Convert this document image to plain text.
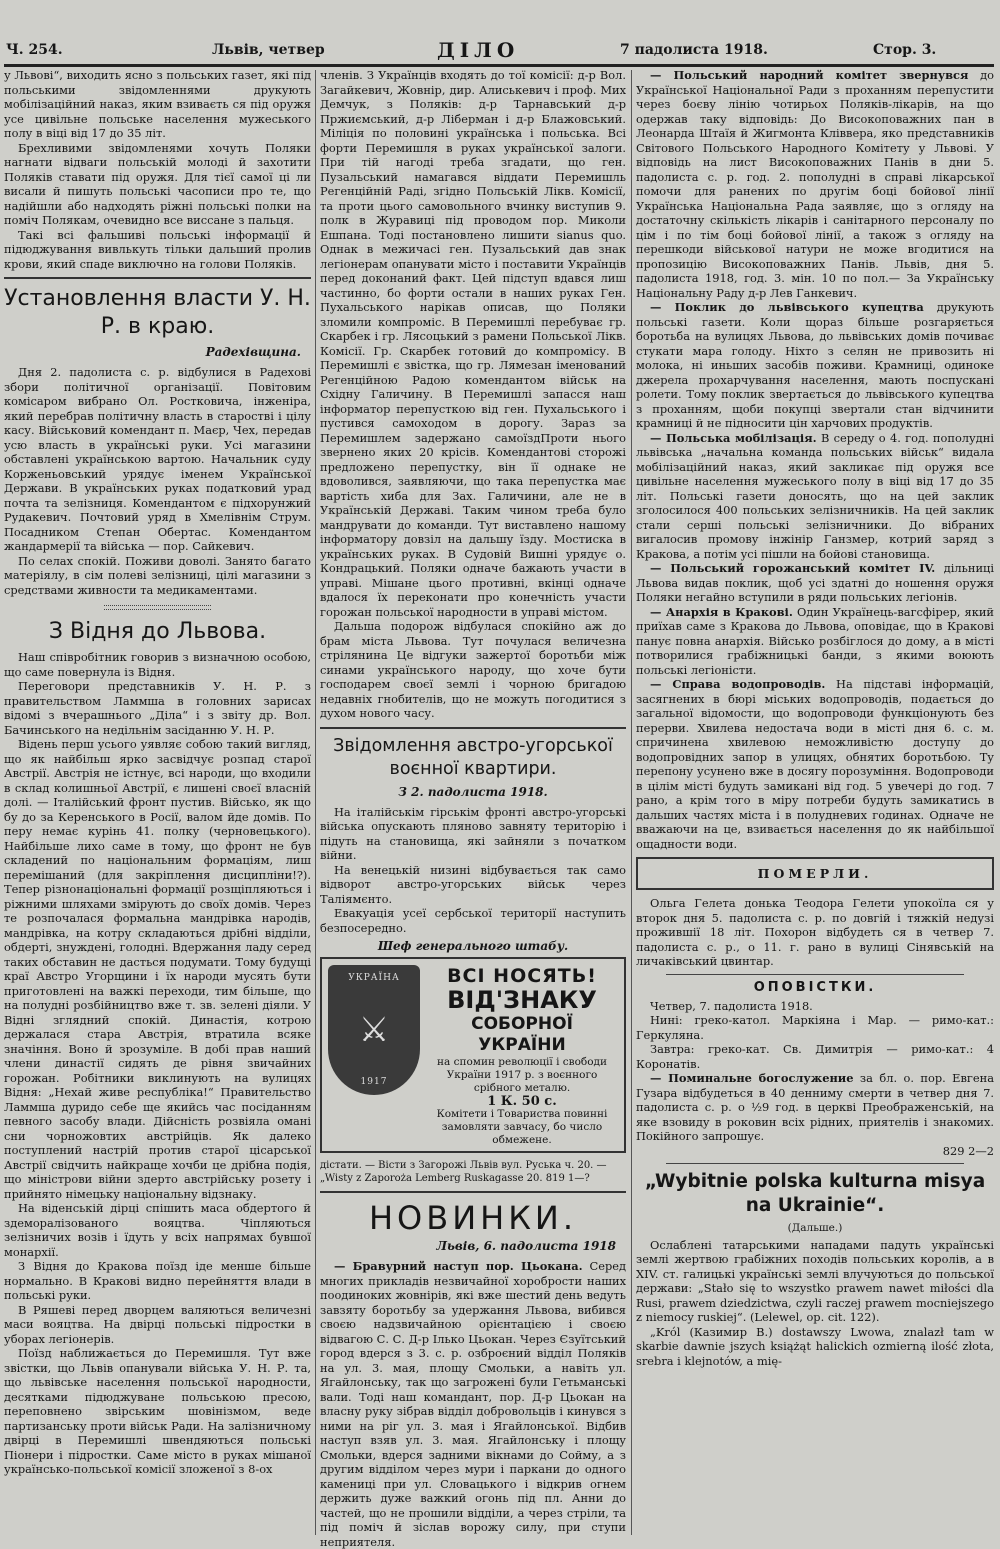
Ч. 254.	Львів, четвер	ДІЛО	7 падолиста 1918.	Стор. 3.

у Львові“, виходить ясно з польських газет, які під польськими звідомленнями друкують мобілізаційний наказ, яким взиваєть ся під оружя усе цивільне польське населення мужеського полу в віці від 17 до 35 літ.

Брехливими звідомленями хочуть Поляки нагнати відваги польській молоді й захотити Поляків ставати під оружя. Для тієї самої ці ли висали й пишуть польські часописи про те, що надійшли або надходять ріжні польські полки на поміч Полякам, очевидно все виссане з пальця.

Такі всі фальшиві польські інформації й підюджування вивлькуть тільки дальший пролив крови, який спаде виключно на голови Поляків.

Установлення власти У. Н. Р. в краю.
Радехівщина.

Дня 2. падолиста с. р. відбулися в Радехові збори політичної організації. Повітовим комісаром вибрано Ол. Ростковича, інженіра, який перебрав політичну власть в старостві і цілу касу. Військовий комендант п. Маєр, Чех, передав усю власть в українські руки. Усі магазини обставлені українською вартою. Начальник суду Корженьовський урядує іменем Української Держави. В українських руках податковий урад почта та зелізниця. Комендантом є підхорунжий Рудакевич. Почтовий уряд в Хмелівнім Струм. Посадником Степан Обертас. Комендантом жандармерії та війська — пор. Сайкевич.

По селах спокій. Поживи доволі. Занято багато матеріялу, в сім полеві зелізниці, цілі магазини з средствами живности та медикаментами.

З Відня до Львова.

Наш співробітник говорив з визначною особою, що саме повернула із Відня.

Переговори представників У. Н. Р. з правительством Ламмша в головних зарисах відомі з вчерашнього „Діла“ і з звіту др. Вол. Бачинського на недільнім засіданню У. Н. Р.

Відень перш усього уявляє собою такий вигляд, що як найбільш ярко засвідчує розпад старої Австрії. Австрія не істнує, всі народи, що входили в склад колишньої Австрії, є лишені своєї власній долі. — Італійський фронт пустив. Військо, як що бу до за Керенського в Росії, валом йде домів. По перу немає курінь 41. полку (черновецького). Найбільше лихо саме в тому, що фронт не був складений по національним формаціям, лиш перемішаний (для закріплення дисципліни!?). Тепер різнонаціональні формації розщіпляються і ріжними шляхами змірують до своїх домів. Через те розпочалася формальна мандрівка народів, мандрівка, на котру складаються дрібні відділи, обдерті, знуждені, голодні. Вдержання ладу серед таких обставин не дасться подумати. Тому будущі краї Австро Угорщини і їх народи мусять бути приготовлені на важкі переходи, тим більше, що на полудні розбійництво вже т. зв. зелені діяли. У Відні зглядний спокій. Династія, котрою держалася стара Австрія, втратила всяке значіння. Воно й зрозуміле. В добі прав наший члени династії сидять де рівня звичайних горожан. Робітники виклинують на вулицях Відня: „Нехай живе республіка!“ Правительство Ламмша дуридо себе ще якийсь час посіданням певного засобу влади. Дійсність розвіяла омані сни чорножовтих австрійців. Як далеко поступлений настрій против старої цісарської Австрії свідчить найкраще хочби це дрібна подія, що міністрови війни здерто австрійську розету і прийнято німецьку національну відзнаку.

На віденській дірці спішить маса обдертого й здеморалізованого вояцтва. Чіпляються зелізничих возів і їдуть у всіх напрямах бувшої монархії.

З Відня до Кракова поїзд іде менше більше нормально. В Кракові видно перейняття влади в польські руки.

В Ряшеві перед дворцем валяються величезні маси вояцтва. На двірці польські підростки в уборах легіонерів.

Поїзд наближається до Перемишля. Тут вже звістки, що Львів опанували війська У. Н. Р. та, що львівське населення польської народности, десятками підюджуване польською пресою, переповнено звірським шовінізмом, веде партизанську проти військ Ради. На залізничному двірці в Перемишлі швендяються польські Піонери і підростки. Саме місто в руках мішаної українсько-польської комісії зложеної з 8-ох

членів. З Українців входять до тої комісії: д-р Вол. Загайкевич, Жовнір, дир. Алиськевич і проф. Мих Демчук, з Поляків: д-р Тарнавський д-р Пржиємський, д-р Ліберман і д-р Блажовський. Міліція по половині українська і польська. Всі форти Перемишля в руках української залоги. При тій нагоді треба згадати, що ген. Пузальський намагався віддати Перемишль Регенційній Раді, згідно Польській Лікв. Комісії, та проти цього самовольного вчинку виступив 9. полк в Журавиці під проводом пор. Миколи Ешпана. Тоді постановлено лишити sianus quo. Однак в межичасі ген. Пузальський дав знак легіонерам опанувати місто і поставити Українців перед доконаний факт. Цей підступ вдався лиш частинно, бо форти остали в наших руках Ген. Пухальського нарікав описав, що Поляки зломили компроміс. В Перемишлі перебуває гр. Скарбек і гр. Лясоцький з рамени Польської Лікв. Комісії. Гр. Скарбек готовий до компромісу. В Перемишлі є звістка, що гр. Лямезан іменований Регенційною Радою комендантом військ на Східну Галичину. В Перемишлі запасся наш інформатор перепусткою від ген. Пухальського і пустився самоходом в дорогу. Зараз за Перемишлем задержано самоїздПроти нього звернено яких 20 крісів. Комендантові сторожі предложено перепустку, він її однаке не вдоволився, заявляючи, що така перепустка має вартість хиба для Зах. Галичини, але не в Українській Державі. Таким чином треба було мандрувати до команди. Тут виставлено нашому інформатору довзіл на дальшу їзду. Мостиска в українських руках. В Судовій Вишні урядує о. Кондрацький. Поляки одначе бажають участи в управі. Мішане цього противні, вкінці одначе вдалося їх переконати про конечність участи горожан польської народности в управі містом.

Дальша подорож відбулася спокійно аж до брам міста Львова. Тут почулася величезна стрілянина Це відгуки зажертої боротьби між синами українського народу, що хоче бути господарем своєї землі і чорною бригадою недавніх гнобителів, що не можуть погодитися з духом нового часу.

Звідомлення австро-угорської воєнної квартири.
З 2. падолиста 1918.

На італійськім гірськім фронті австро-угорські війська опускають пляново завняту територію і підуть на становища, які зайняли з початком війни.

На венецькій низині відбувається так само відворот австро-угорських військ через Таліямєнто.

Евакуація усеї сербської території наступить безпосередно.

Шеф генерального штабу.
УКРАЇНА
⚔
1917
ВСІ НОСЯТЬ!
ВІД'ЗНАКУ
СОБОРНОЇ УКРАЇНИ
на спомин революції і свободи України 1917 р. з воєнного срібного металю.
1 К. 50 с.
Комітети і Товариства повинні замовляти завчасу, бо число обмежене.
дістати. — Вісти з Загорожі Львів вул. Руська ч. 20. —
„Wisty z Zaporoża Lemberg Ruskagasse 20. 819 1—?
НОВИНКИ.
Львів, 6. падолиста 1918

— Бравурний наступ пор. Цьокана. Серед многих прикладів незвичайної хоробрости наших поодиноких жовнірів, які вже шестий день ведуть завзяту боротьбу за удержання Львова, вибився своєю надзвичайною орієнтацією і своєю відвагою С. С. Д-р Ілько Цьокан. Через Єзуїтський город вдерся з 3. с. р. озброєний відділ Поляків на ул. 3. мая, площу Смольки, а навіть ул. Ягайлонську, так що загрожені були Гетьманські вали. Тоді наш командант, пор. Д-р Цьокан на власну руку зібрав відділ добровольців і кинувся з ними на ріг ул. 3. мая і Ягайлонської. Відбив наступ взяв ул. 3. мая. Ягайлонську і площу Смольки, вдерся задними вікнами до Сойму, а з другим відділом через мури і паркани до одного камениці при ул. Словацького і відкрив огнем держить дуже важкий огонь під пл. Анни до частей, що не прошили відділи, а через стріли, та під поміч й зіслав ворожу силу, при ступи неприятеля.

— Польський народний комітет звернувся до Української Національної Ради з проханням перепустити через боєву лінію чотирьох Поляків-лікарів, на що одержав таку відповідь: До Високоповажних пан в Леонарда Штаїя й Жигмонта Кліввера, яко представників Світового Польського Народного Комітету у Львові. У відповідь на лист Високоповажних Панів в дни 5. падолиста с. р. год. 2. пополудні в справі лікарської помочи для ранених по другім боці бойової лінії Українська Національна Рада заявляє, що з огляду на достаточну скількість лікарів і санітарного персоналу по цім і по тім боці бойової лінії, а також з огляду на перешкоди військової натури не може вгодитися на пропозицію Високоповажних Панів. Львів, дня 5. падолиста 1918, год. 3. мін. 10 по пол.— За Українську Національну Раду д-р Лев Ганкевич.

— Поклик до львівського купецтва друкують польські газети. Коли щораз більше розгаряється боротьба на вулицях Львова, до львівських домів почиває стукати мара голоду. Ніхто з селян не привозить ні молока, ні иньших засобів поживи. Крамниці, одиноке джерела прохарчування населення, мають поспускані ролети. Тому поклик звертається до львівського купецтва з проханням, щоби покупці звертали стан відчинити крамниці й не підносити цін харчових продуктів.

— Польська мобілізація. В середу о 4. год. пополудні львівська „начальна команда польських військ“ видала мобілізаційний наказ, який закликає під оружя все цивільне населення мужеського полу в віці від 17 до 35 літ. Польські газети доносять, що на цей заклик зголосилося 400 польських зелізничників. На цей заклик стали серші польські зелізничники. До вібраних вигалосив промову інжінір Ганзмер, котрий заряд з Кракова, а потім усі пішли на бойові становища.

— Польський горожанський комітет IV. дільниці Львова видав поклик, щоб усі здатні до ношення оружя Поляки негайно вступили в ряди польських легіонів.

— Анархія в Кракові. Один Українець-вагсфірер, який приїхав саме з Кракова до Львова, оповідає, що в Кракові панує повна анархія. Військо розбіглося до дому, а в місті потворилися грабіжницькі банди, з якими воюють польські легіоністи.

— Справа водопроводів. На підставі інформацій, засягнених в бюрі міських водопроводів, подається до загальної відомости, що водопроводи функціонують без перерви. Хвилева недостача води в місті дня 6. с. м. спричинена хвилевою неможливістю доступу до водопровідних запор в улицях, обнятих боротьбою. Ту перепону усунено вже в досягу порозуміння. Водопроводи в цілім місті будуть замикані від год. 5 увечері до год. 7 рано, а крім того в міру потреби будуть замикатись в дальших частях міста і в полудневих годинах. Одначе не вважаючи на це, взивається населення до як найбільшої ощадности води.

ПОМЕРЛИ.

Ольга Гелета донька Теодора Гелети упокоїла ся у второк дня 5. падолиста с. р. по довгій і тяжкій недузі прожившії 18 літ. Похорон відбудеть ся в четвер 7. падолиста с. р., о 11. г. рано в вулиці Сінявській на личаківський цвинтар.

ОПОВІСТКИ.

Четвер, 7. падолиста 1918.

Нині: греко-катол. Маркіяна і Мар. — римо-кат.: Геркуляна.

Завтра: греко-кат. Св. Димитрія — римо-кат.: 4 Коронатів.

— Поминальне богослужение за бл. о. пор. Евгена Гузара відбудеться в 40 денниму смерти в четвер дня 7. падолиста с. р. о ½9 год. в церкві Преображенській, на яке взовиду в роковин всіх рідних, приятелів і знакомих. Покійного запрошує.

829 2—2
„Wybitnie polska kulturna misya na Ukrainie“.
(Дальше.)

Ослаблені татарськими нападами падуть українські землі жертвою грабіжних походів польських королів, а в XIV. ст. галицькі українські землі влучуються до польської держави: „Stało się to wszystko prawem nawet miłości dla Rusi, prawem dziedzictwa, czyli raczej prawem mocniejszego z niemocy ruskiej“. (Lelewel, op. cit. 122).

„Król (Казимир В.) dostawszy Lwowa, znalazł tam w skarbie dawnie jszych książąt halickich ozmierną ilość złota, srebra i klejnotów, a mię-
